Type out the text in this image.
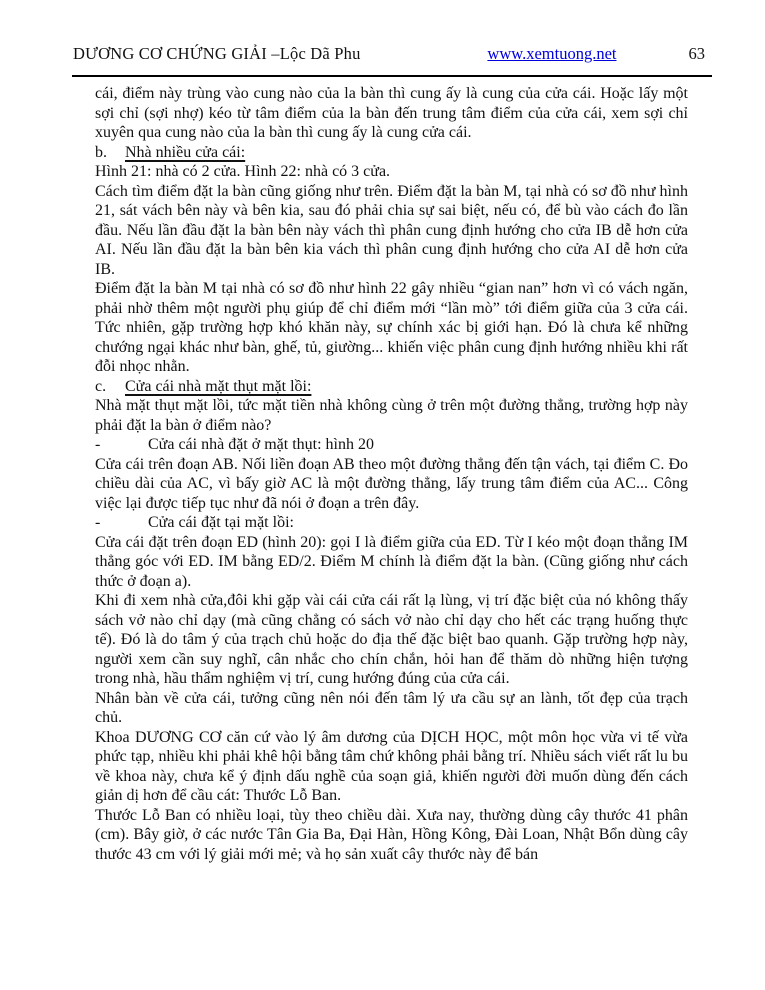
DƯƠNG CƠ CHỨNG GIẢI –Lộc Dã Phu	www.xemtuong.net	63

cái, điểm này trùng vào cung nào của la bàn thì cung ấy là cung của cửa cái. Hoặc lấy một sợi chỉ (sợi nhợ) kéo từ tâm điểm của la bàn đến trung tâm điểm của cửa cái, xem sợi chỉ xuyên qua cung nào của la bàn thì cung ấy là cung cửa cái.

b. Nhà nhiều cửa cái:

Hình 21: nhà có 2 cửa. Hình 22: nhà có 3 cửa.

Cách tìm điểm đặt la bàn cũng giống như trên. Điểm đặt la bàn M, tại nhà có sơ đồ như hình 21, sát vách bên này và bên kia, sau đó phải chia sự sai biệt, nếu có, để bù vào cách đo lần đầu. Nếu lần đầu đặt la bàn bên này vách thì phân cung định hướng cho cửa IB dễ hơn cửa AI. Nếu lần đầu đặt la bàn bên kia vách thì phân cung định hướng cho cửa AI dễ hơn cửa IB.

Điểm đặt la bàn M tại nhà có sơ đồ như hình 22 gây nhiều “gian nan” hơn vì có vách ngăn, phải nhờ thêm một người phụ giúp để chỉ điểm mới “lần mò” tới điểm giữa của 3 cửa cái. Tức nhiên, gặp trường hợp khó khăn này, sự chính xác bị giới hạn. Đó là chưa kể những chướng ngại khác như bàn, ghế, tủ, giường... khiến việc phân cung định hướng nhiều khi rất đỗi nhọc nhằn.

c. Cửa cái nhà mặt thụt mặt lồi:

Nhà mặt thụt mặt lồi, tức mặt tiền nhà không cùng ở trên một đường thẳng, trường hợp này phải đặt la bàn ở điểm nào?

-	Cửa cái nhà đặt ở mặt thụt: hình 20

Cửa cái trên đoạn AB. Nối liền đoạn AB theo một đường thẳng đến tận vách, tại điểm C. Đo chiều dài của AC, vì bấy giờ AC là một đường thẳng, lấy trung tâm điểm của AC... Công việc lại được tiếp tục như đã nói ở đoạn a trên đây.

-	Cửa cái đặt tại mặt lồi:

Cửa cái đặt trên đoạn ED (hình 20): gọi I là điểm giữa của ED. Từ I kéo một đoạn thẳng IM thẳng góc với ED. IM bằng ED/2. Điểm M chính là điểm đặt la bàn. (Cũng giống như cách thức ở đoạn a).

Khi đi xem nhà cửa,đôi khi gặp vài cái cửa cái rất lạ lùng, vị trí đặc biệt của nó không thấy sách vở nào chỉ dạy (mà cũng chẳng có sách vở nào chỉ dạy cho hết các trạng huống thực tế). Đó là do tâm ý của trạch chủ hoặc do địa thế đặc biệt bao quanh. Gặp trường hợp này, người xem cần suy nghĩ, cân nhắc cho chín chắn, hỏi han để thăm dò những hiện tượng trong nhà, hầu thẩm nghiệm vị trí, cung hướng đúng của cửa cái.

Nhân bàn về cửa cái, tưởng cũng nên nói đến tâm lý ưa cầu sự an lành, tốt đẹp của trạch chủ.

Khoa DƯƠNG CƠ căn cứ vào lý âm dương của DỊCH HỌC, một môn học vừa vi tế vừa phức tạp, nhiều khi phải khê hội bằng tâm chứ không phải bằng trí. Nhiều sách viết rất lu bu về khoa này, chưa kể ý định dấu nghề của soạn giả, khiến người đời muốn dùng đến cách giản dị hơn để cầu cát: Thước Lỗ Ban.

Thước Lỗ Ban có nhiều loại, tùy theo chiều dài. Xưa nay, thường dùng cây thước 41 phân (cm). Bây giờ, ở các nước Tân Gia Ba, Đại Hàn, Hồng Kông, Đài Loan, Nhật Bổn dùng cây thước 43 cm với lý giải mới mẻ; và họ sản xuất cây thước này để bán
